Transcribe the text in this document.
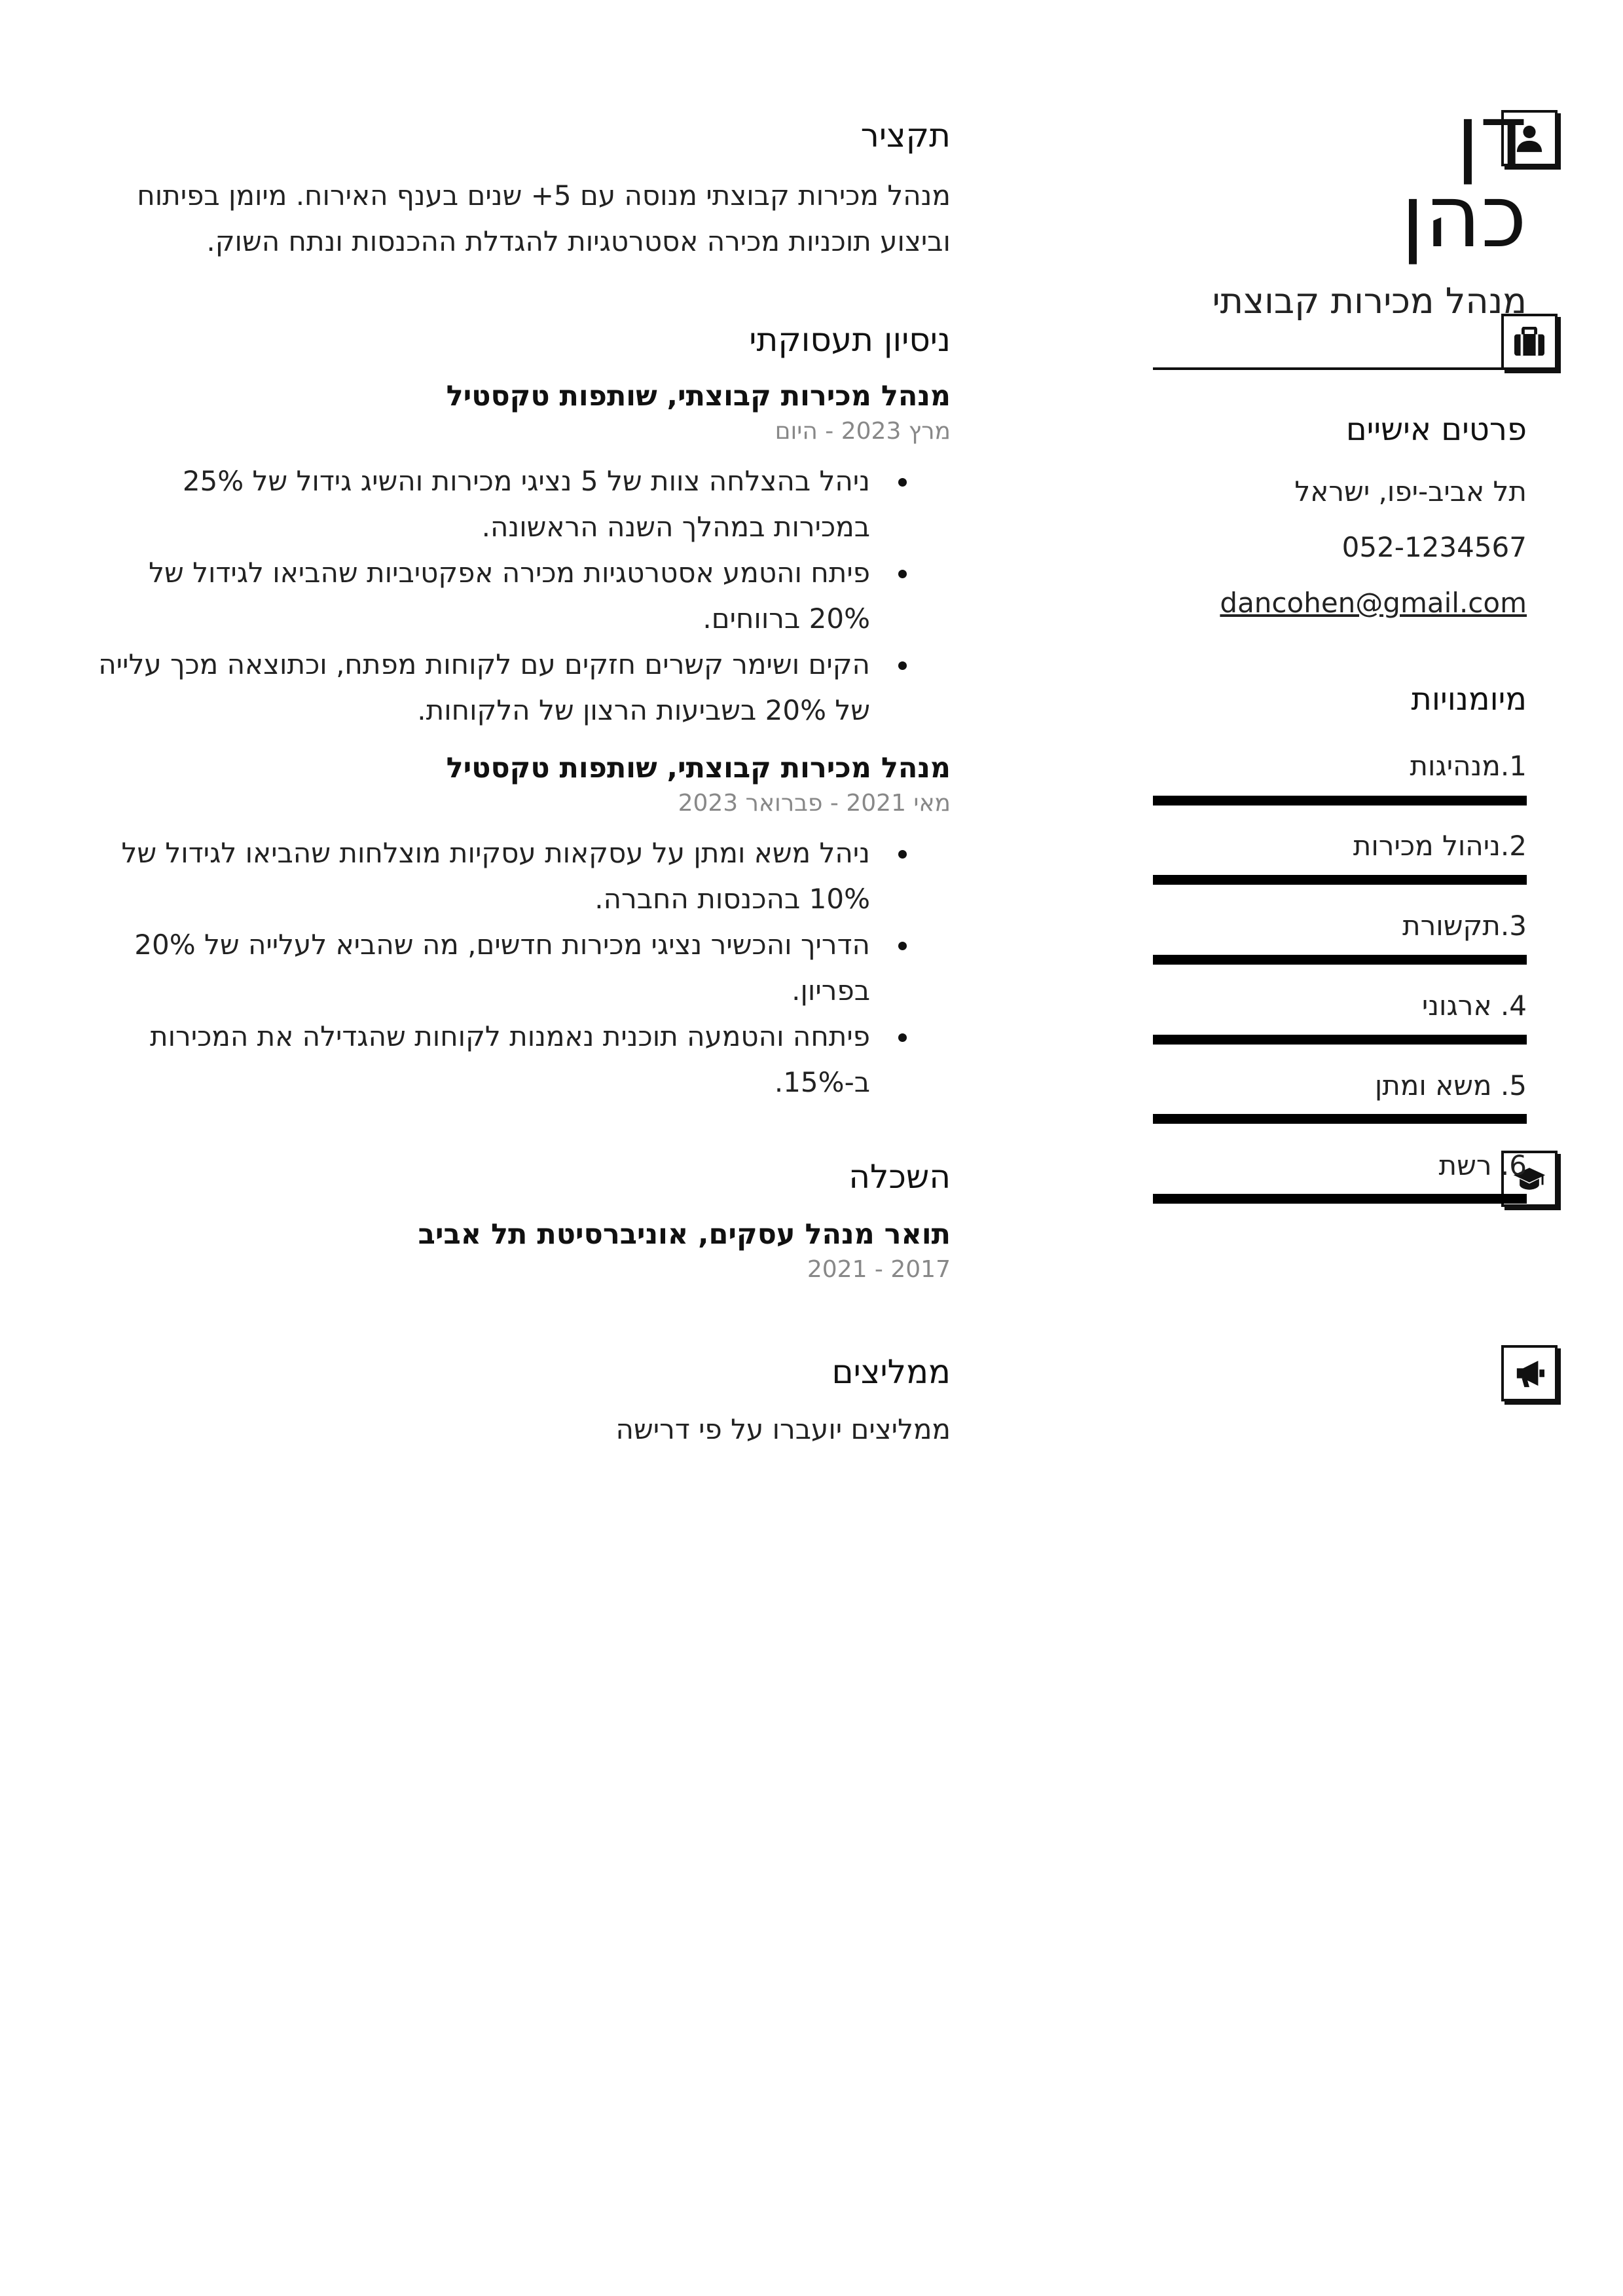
דן
כהן
מנהל מכירות קבוצתי
פרטים אישיים
תל אביב-יפו, ישראל
052-1234567
dancohen@gmail.com
מיומנויות
1.מנהיגות
2.ניהול מכירות
3.תקשורת
4. ארגוני
5. משא ומתן
6. רשת
תקציר
מנהל מכירות קבוצתי מנוסה עם 5+ שנים בענף האירוח. מיומן בפיתוח
וביצוע תוכניות מכירה אסטרטגיות להגדלת ההכנסות ונתח השוק.
ניסיון תעסוקתי
מנהל מכירות קבוצתי, שותפות טקסטיל
מרץ 2023 - היום
ניהל בהצלחה צוות של 5 נציגי מכירות והשיג גידול של 25%
במכירות במהלך השנה הראשונה.
פיתח והטמע אסטרטגיות מכירה אפקטיביות שהביאו לגידול של
20% ברווחים.
הקים ושימר קשרים חזקים עם לקוחות מפתח, וכתוצאה מכך עלייה
של 20% בשביעות הרצון של הלקוחות.
מנהל מכירות קבוצתי, שותפות טקסטיל
מאי 2021 - פברואר 2023
ניהל משא ומתן על עסקאות עסקיות מוצלחות שהביאו לגידול של
10% בהכנסות החברה.
הדריך והכשיר נציגי מכירות חדשים, מה שהביא לעלייה של 20%
בפריון.
פיתחה והטמעה תוכנית נאמנות לקוחות שהגדילה את המכירות
ב-15%.
השכלה
תואר מנהל עסקים, אוניברסיטת תל אביב
2017 - 2021
ממליצים
ממליצים יועברו על פי דרישה
